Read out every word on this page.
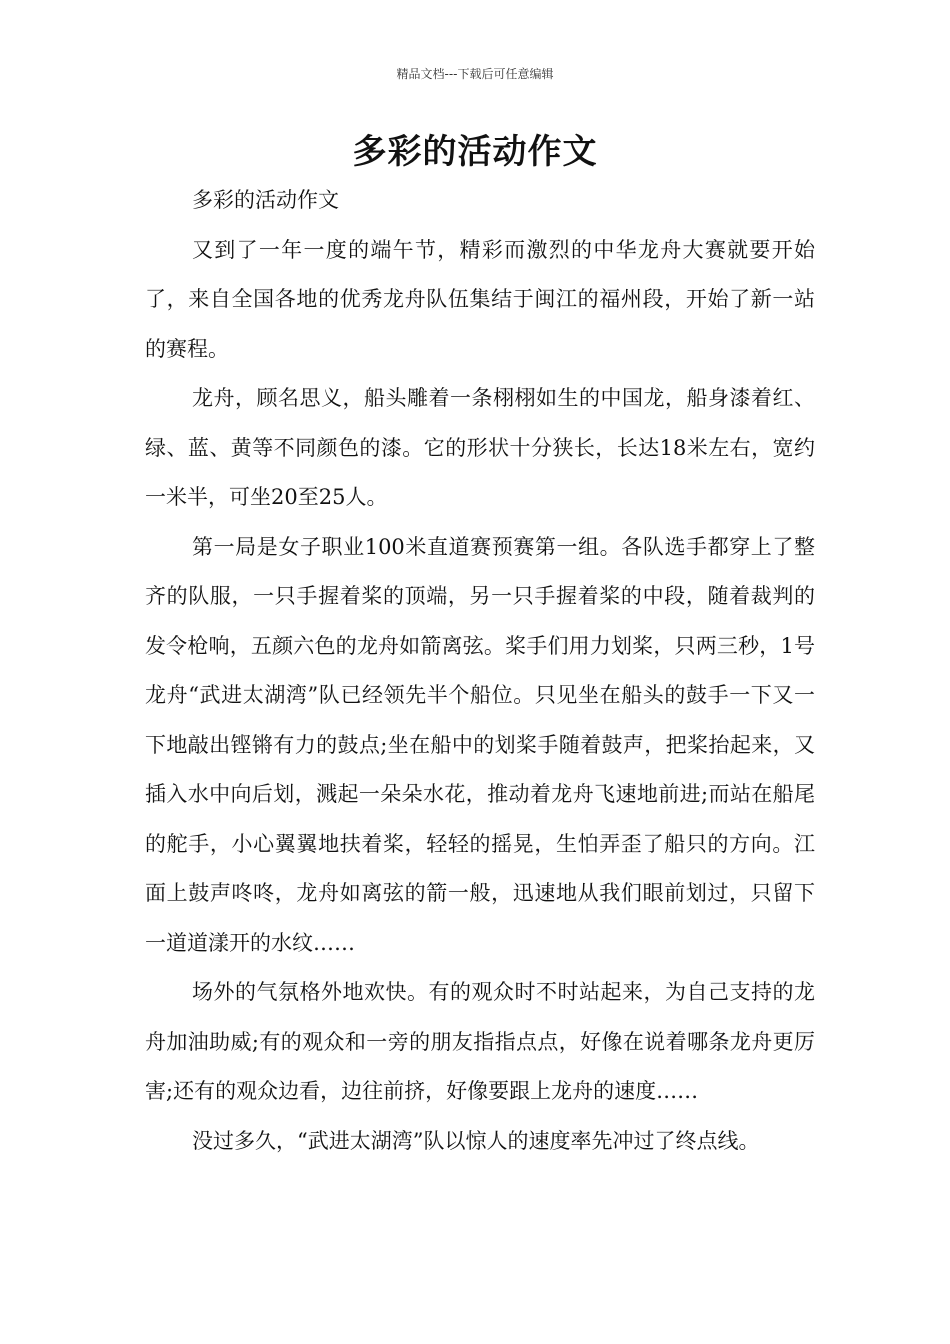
精品文档---下载后可任意编辑
多彩的活动作文
多彩的活动作文

又到了一年一度的端午节，精彩而激烈的中华龙舟大赛就要开始了，来自全国各地的优秀龙舟队伍集结于闽江的福州段，开始了新一站的赛程。

龙舟，顾名思义，船头雕着一条栩栩如生的中国龙，船身漆着红、绿、蓝、黄等不同颜色的漆。它的形状十分狭长，长达18米左右，宽约一米半，可坐20至25人。

第一局是女子职业100米直道赛预赛第一组。各队选手都穿上了整齐的队服，一只手握着桨的顶端，另一只手握着桨的中段，随着裁判的发令枪响，五颜六色的龙舟如箭离弦。桨手们用力划桨，只两三秒，1号龙舟“武进太湖湾”队已经领先半个船位。只见坐在船头的鼓手一下又一下地敲出铿锵有力的鼓点;坐在船中的划桨手随着鼓声，把桨抬起来，又插入水中向后划，溅起一朵朵水花，推动着龙舟飞速地前进;而站在船尾的舵手，小心翼翼地扶着桨，轻轻的摇晃，生怕弄歪了船只的方向。江面上鼓声咚咚，龙舟如离弦的箭一般，迅速地从我们眼前划过，只留下一道道漾开的水纹……

场外的气氛格外地欢快。有的观众时不时站起来，为自己支持的龙舟加油助威;有的观众和一旁的朋友指指点点，好像在说着哪条龙舟更厉害;还有的观众边看，边往前挤，好像要跟上龙舟的速度……

没过多久，“武进太湖湾”队以惊人的速度率先冲过了终点线。
